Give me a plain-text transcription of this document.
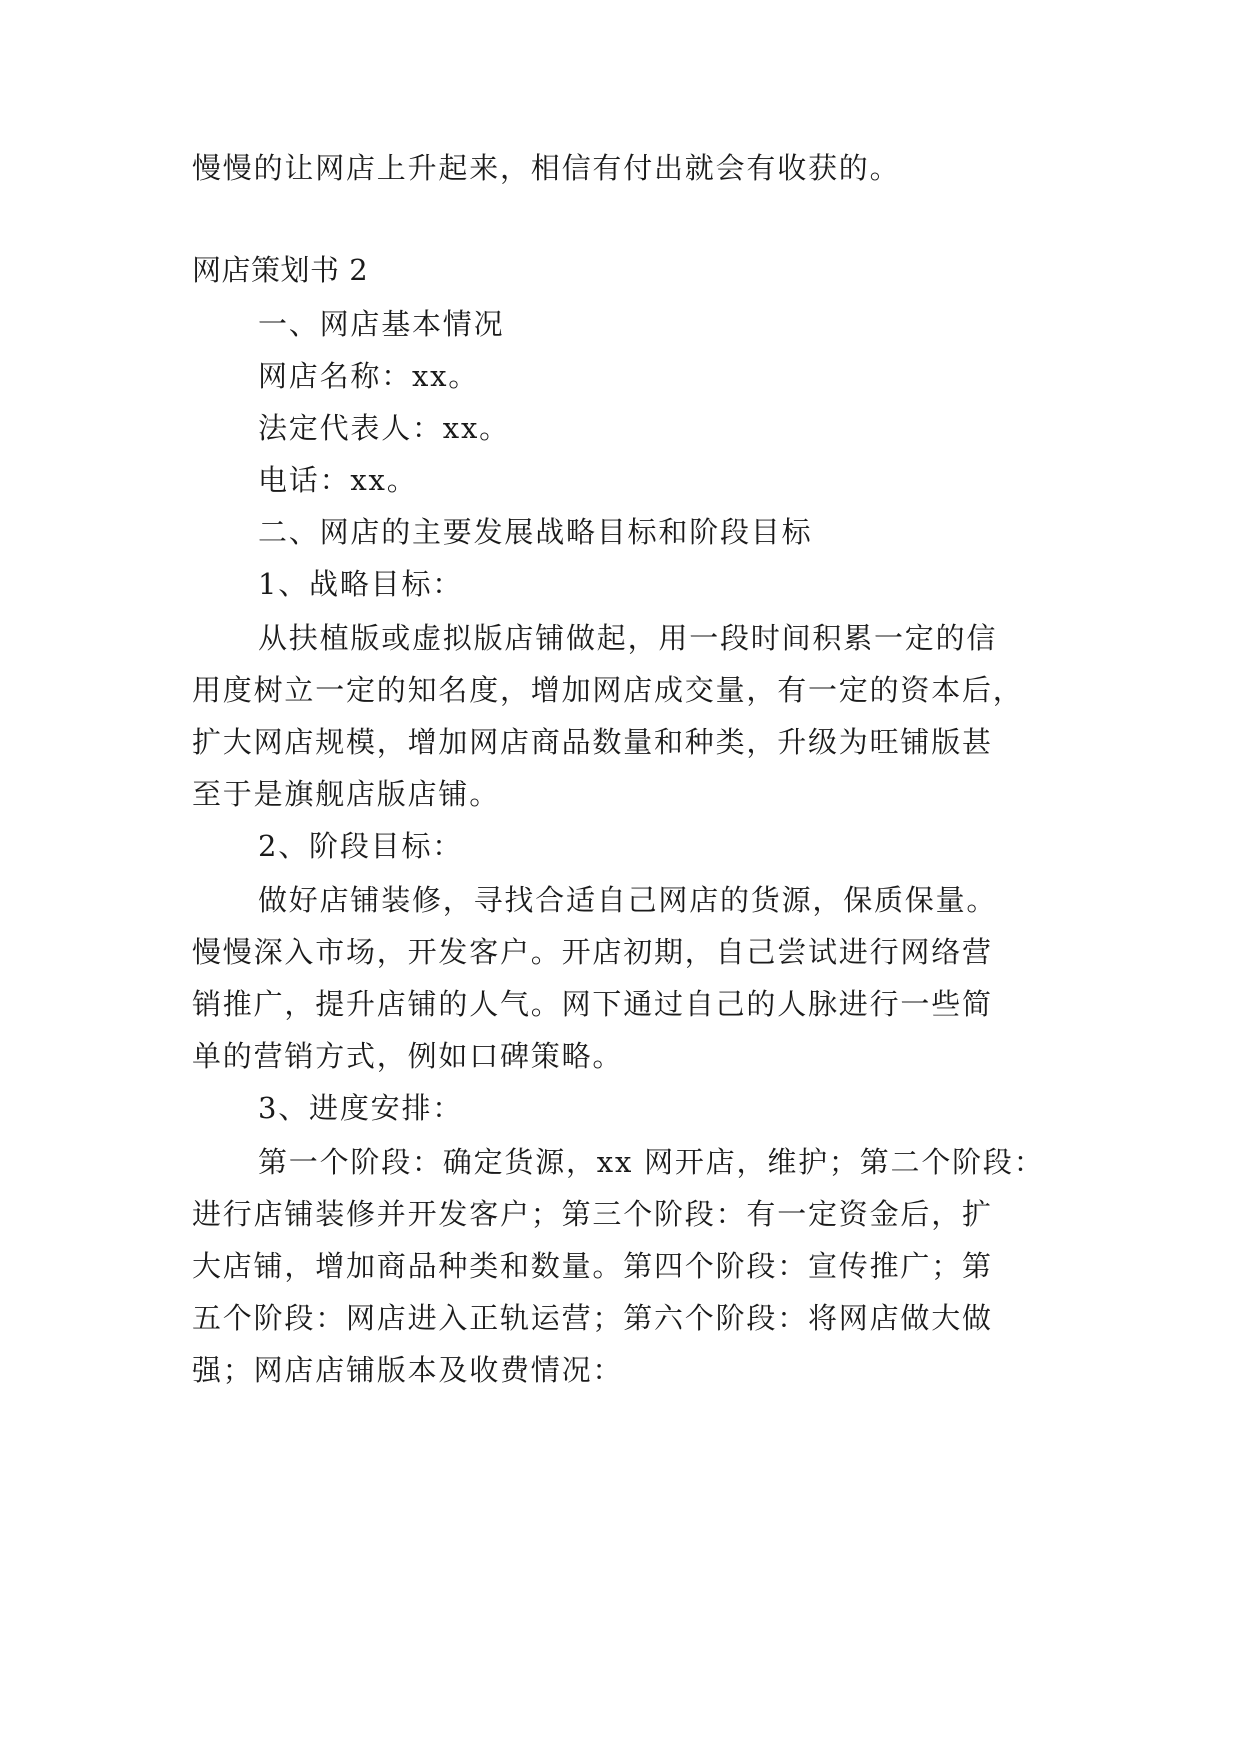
慢慢的让网店上升起来，相信有付出就会有收获的。

网店策划书 2

一、网店基本情况

网店名称：xx。

法定代表人：xx。

电话：xx。

二、网店的主要发展战略目标和阶段目标

1、战略目标：

从扶植版或虚拟版店铺做起，用一段时间积累一定的信

用度树立一定的知名度，增加网店成交量，有一定的资本后，

扩大网店规模，增加网店商品数量和种类，升级为旺铺版甚

至于是旗舰店版店铺。

2、阶段目标：

做好店铺装修，寻找合适自己网店的货源，保质保量。

慢慢深入市场，开发客户。开店初期，自己尝试进行网络营

销推广，提升店铺的人气。网下通过自己的人脉进行一些简

单的营销方式，例如口碑策略。

3、进度安排：

第一个阶段：确定货源，xx 网开店，维护；第二个阶段：

进行店铺装修并开发客户；第三个阶段：有一定资金后，扩

大店铺，增加商品种类和数量。第四个阶段：宣传推广；第

五个阶段：网店进入正轨运营；第六个阶段：将网店做大做

强；网店店铺版本及收费情况：
